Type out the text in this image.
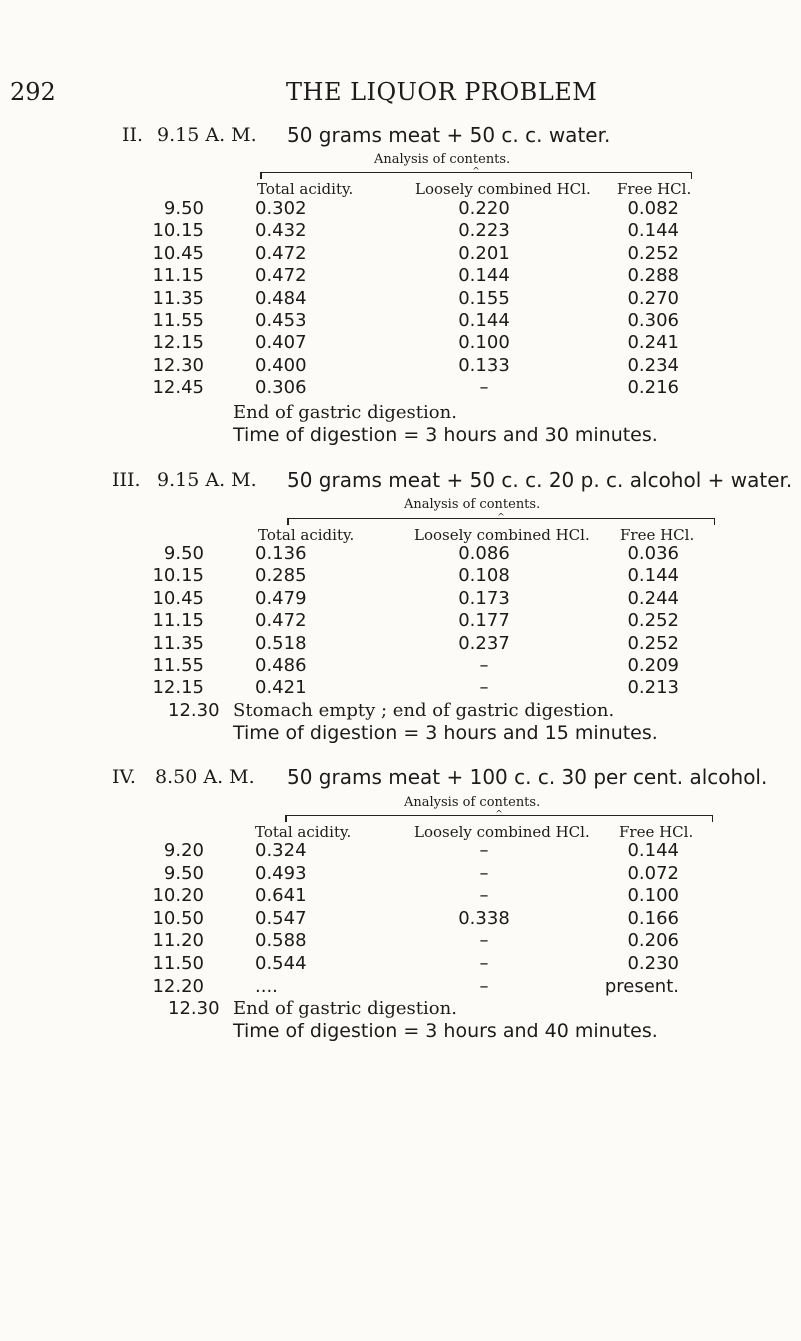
292	THE LIQUOR PROBLEM
II. 9.15 A. M. 50 grams meat + 50 c. c. water.
Analysis of contents.
^
Total acidity.	Loosely combined HCl. Free HCl.
9.50	0.302	0.220	0.082
10.15	0.432	0.223	0.144
10.45	0.472	0.201	0.252
11.15	0.472	0.144	0.288
11.35	0.484	0.155	0.270
11.55	0.453	0.144	0.306
12.15	0.407	0.100	0.241
12.30	0.400	0.133	0.234
12.45	0.306	–	0.216
End of gastric digestion.
Time of digestion = 3 hours and 30 minutes.
III. 9.15 A. M. 50 grams meat + 50 c. c. 20 p. c. alcohol + water.
Analysis of contents.
^
Total acidity.	Loosely combined HCl. Free HCl.
9.50	0.136	0.086	0.036
10.15	0.285	0.108	0.144
10.45	0.479	0.173	0.244
11.15	0.472	0.177	0.252
11.35	0.518	0.237	0.252
11.55	0.486	–	0.209
12.15	0.421	–	0.213
12.30 Stomach empty ; end of gastric digestion.
Time of digestion = 3 hours and 15 minutes.
IV. 8.50 A. M. 50 grams meat + 100 c. c. 30 per cent. alcohol.
Analysis of contents.
^
Total acidity.	Loosely combined HCl. Free HCl.
9.20	0.324	–	0.144
9.50	0.493	–	0.072
10.20	0.641	–	0.100
10.50	0.547	0.338	0.166
11.20	0.588	–	0.206
11.50	0.544	–	0.230
12.20	....	–	present.
12.30 End of gastric digestion.
Time of digestion = 3 hours and 40 minutes.
